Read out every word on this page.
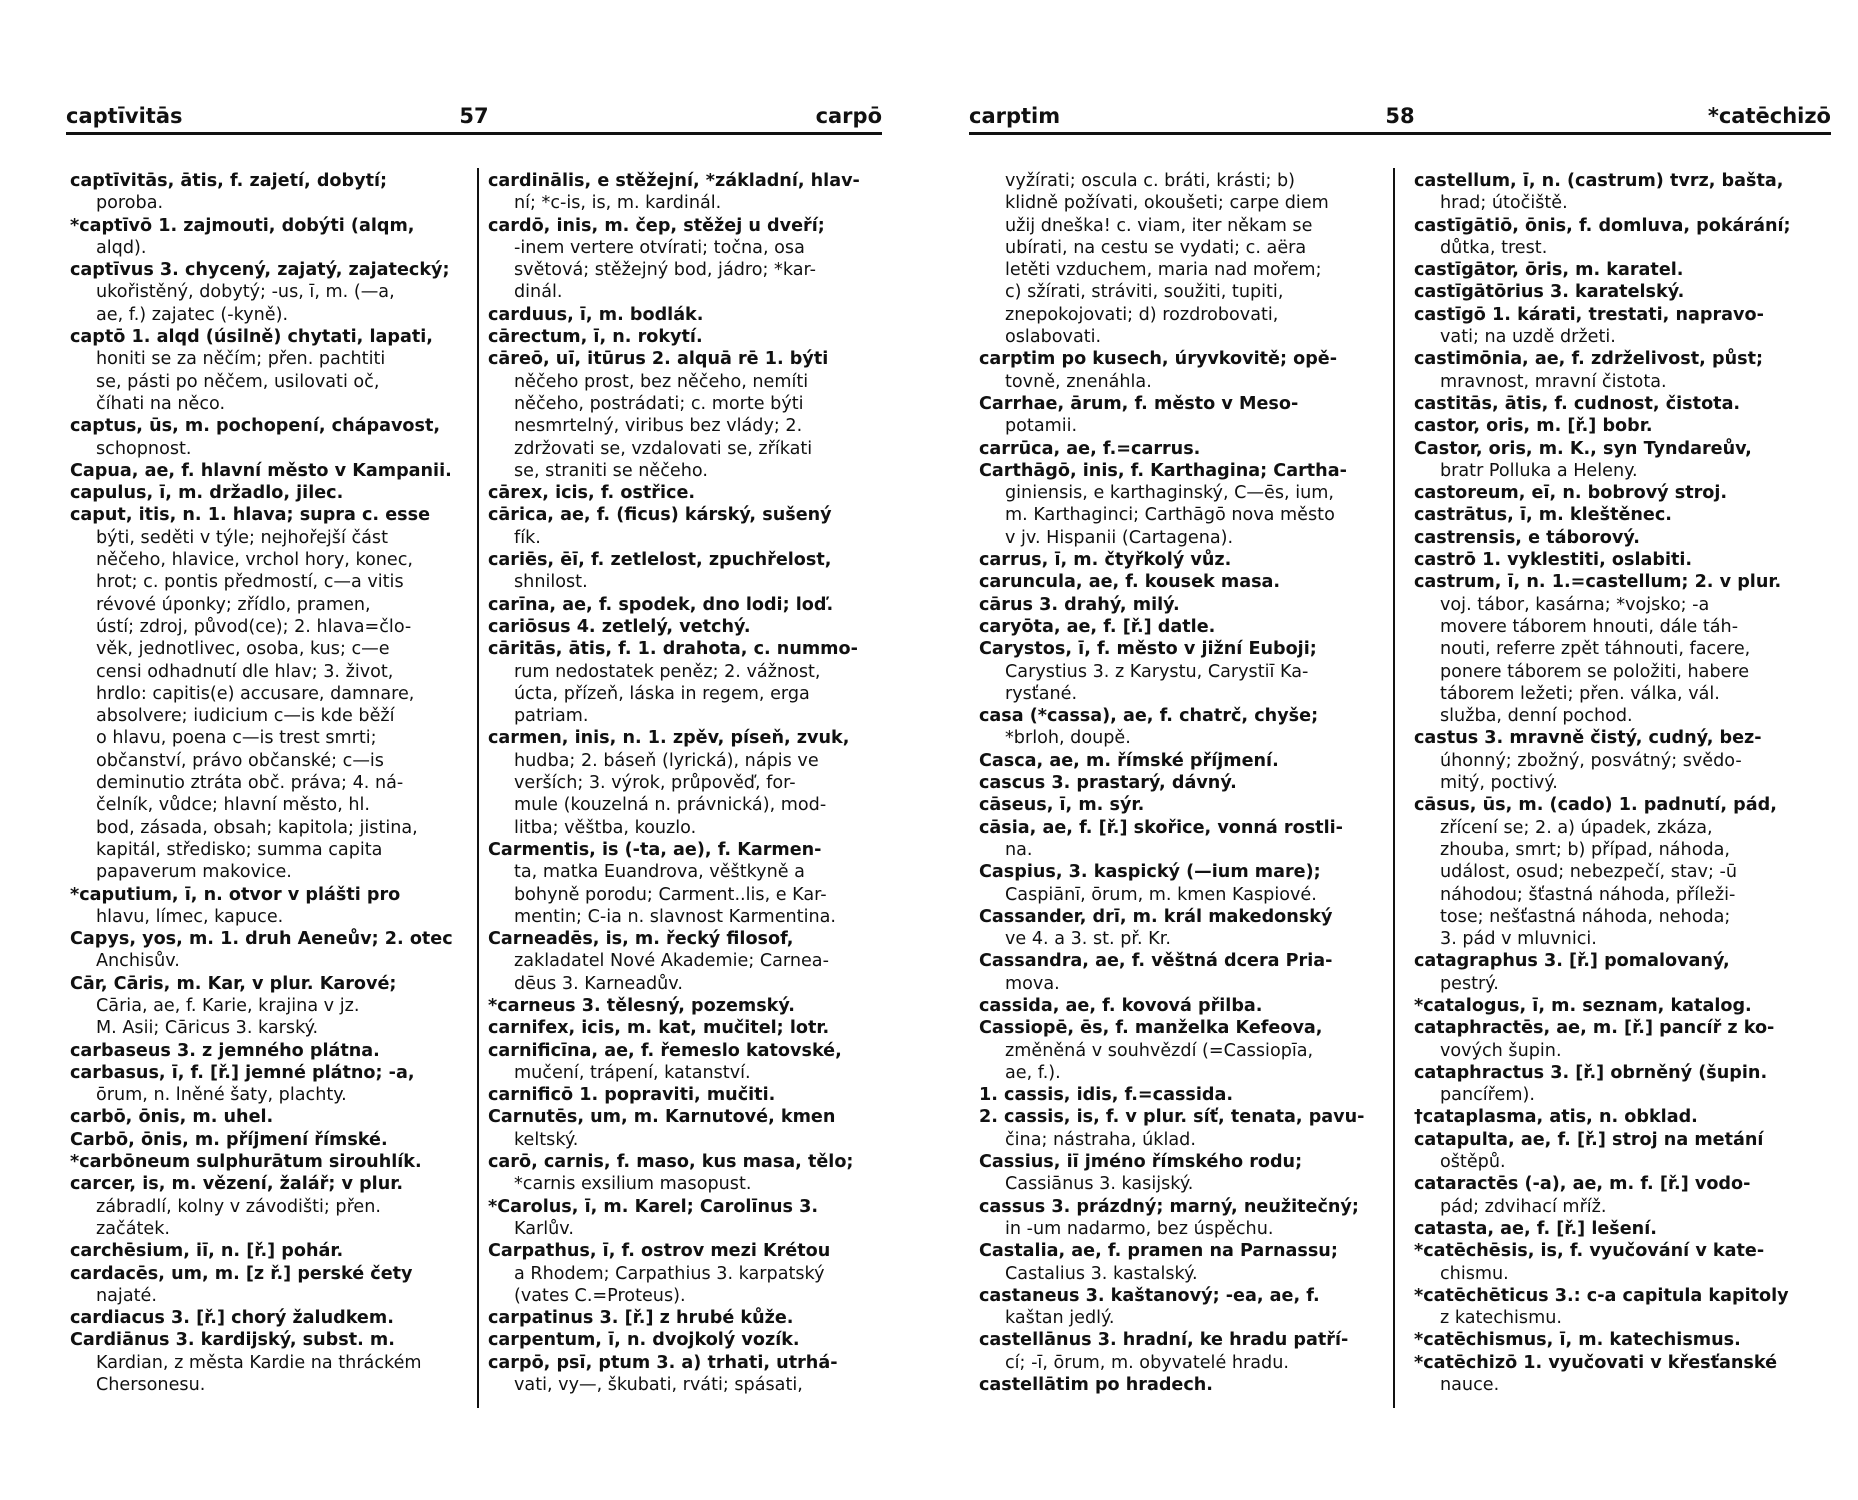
captīvitās	57	carpō
captīvitās, ātis, f. zajetí, dobytí;
poroba.
*captīvō 1. zajmouti, dobýti (alqm,
alqd).
captīvus 3. chycený, zajatý, zajatecký;
ukořistěný, dobytý; -us, ī, m. (—a,
ae, f.) zajatec (-kyně).
captō 1. alqd (úsilně) chytati, lapati,
honiti se za něčím; přen. pachtiti
se, pásti po něčem, usilovati oč,
číhati na něco.
captus, ūs, m. pochopení, chápavost,
schopnost.
Capua, ae, f. hlavní město v Kampanii.
capulus, ī, m. držadlo, jilec.
caput, itis, n. 1. hlava; supra c. esse
býti, seděti v týle; nejhořejší část
něčeho, hlavice, vrchol hory, konec,
hrot; c. pontis předmostí, c—a vitis
révové úponky; zřídlo, pramen,
ústí; zdroj, původ(ce); 2. hlava=člo-
věk, jednotlivec, osoba, kus; c—e
censi odhadnutí dle hlav; 3. život,
hrdlo: capitis(e) accusare, damnare,
absolvere; iudicium c—is kde běží
o hlavu, poena c—is trest smrti;
občanství, právo občanské; c—is
deminutio ztráta obč. práva; 4. ná-
čelník, vůdce; hlavní město, hl.
bod, zásada, obsah; kapitola; jistina,
kapitál, středisko; summa capita
papaverum makovice.
*caputium, ī, n. otvor v plášti pro
hlavu, límec, kapuce.
Capys, yos, m. 1. druh Aeneův; 2. otec
Anchisův.
Cār, Cāris, m. Kar, v plur. Karové;
Cāria, ae, f. Karie, krajina v jz.
M. Asii; Cāricus 3. karský.
carbaseus 3. z jemného plátna.
carbasus, ī, f. [ř.] jemné plátno; -a,
ōrum, n. lněné šaty, plachty.
carbō, ōnis, m. uhel.
Carbō, ōnis, m. příjmení římské.
*carbōneum sulphurātum sirouhlík.
carcer, is, m. vězení, žalář; v plur.
zábradlí, kolny v závodišti; přen.
začátek.
carchēsium, iī, n. [ř.] pohár.
cardacēs, um, m. [z ř.] perské čety
najaté.
cardiacus 3. [ř.] chorý žaludkem.
Cardiānus 3. kardijský, subst. m.
Kardian, z města Kardie na thráckém
Chersonesu.
cardinālis, e stěžejní, *základní, hlav-
ní; *c-is, is, m. kardinál.
cardō, inis, m. čep, stěžej u dveří;
-inem vertere otvírati; točna, osa
světová; stěžejný bod, jádro; *kar-
dinál.
carduus, ī, m. bodlák.
cārectum, ī, n. rokytí.
cāreō, uī, itūrus 2. alquā rē 1. býti
něčeho prost, bez něčeho, nemíti
něčeho, postrádati; c. morte býti
nesmrtelný, viribus bez vlády; 2.
zdržovati se, vzdalovati se, zříkati
se, straniti se něčeho.
cārex, icis, f. ostřice.
cārica, ae, f. (ficus) kárský, sušený
fík.
cariēs, ēī, f. zetlelost, zpuchřelost,
shnilost.
carīna, ae, f. spodek, dno lodi; loď.
cariōsus 4. zetlelý, vetchý.
cāritās, ātis, f. 1. drahota, c. nummo-
rum nedostatek peněz; 2. vážnost,
úcta, přízeň, láska in regem, erga
patriam.
carmen, inis, n. 1. zpěv, píseň, zvuk,
hudba; 2. báseň (lyrická), nápis ve
verších; 3. výrok, průpověď, for-
mule (kouzelná n. právnická), mod-
litba; věštba, kouzlo.
Carmentis, is (-ta, ae), f. Karmen-
ta, matka Euandrova, věštkyně a
bohyně porodu; Carment..lis, e Kar-
mentin; C-ia n. slavnost Karmentina.
Carneadēs, is, m. řecký filosof,
zakladatel Nové Akademie; Carnea-
dēus 3. Karneadův.
*carneus 3. tělesný, pozemský.
carnifex, icis, m. kat, mučitel; lotr.
carnificīna, ae, f. řemeslo katovské,
mučení, trápení, katanství.
carnificō 1. popraviti, mučiti.
Carnutēs, um, m. Karnutové, kmen
keltský.
carō, carnis, f. maso, kus masa, tělo;
*carnis exsilium masopust.
*Carolus, ī, m. Karel; Carolīnus 3.
Karlův.
Carpathus, ī, f. ostrov mezi Krétou
a Rhodem; Carpathius 3. karpatský
(vates C.=Proteus).
carpatinus 3. [ř.] z hrubé kůže.
carpentum, ī, n. dvojkolý vozík.
carpō, psī, ptum 3. a) trhati, utrhá-
vati, vy—, škubati, rváti; spásati,
carptim	58	*catēchizō
vyžírati; oscula c. bráti, krásti; b)
klidně požívati, okoušeti; carpe diem
užij dneška! c. viam, iter někam se
ubírati, na cestu se vydati; c. aëra
letěti vzduchem, maria nad mořem;
c) sžírati, stráviti, soužiti, tupiti,
znepokojovati; d) rozdrobovati,
oslabovati.
carptim po kusech, úryvkovitě; opě-
tovně, znenáhla.
Carrhae, ārum, f. město v Meso-
potamii.
carrūca, ae, f.=carrus.
Carthāgō, inis, f. Karthagina; Cartha-
giniensis, e karthaginský, C—ēs, ium,
m. Karthaginci; Carthāgō nova město
v jv. Hispanii (Cartagena).
carrus, ī, m. čtyřkolý vůz.
caruncula, ae, f. kousek masa.
cārus 3. drahý, milý.
caryōta, ae, f. [ř.] datle.
Carystos, ī, f. město v jižní Euboji;
Carystius 3. z Karystu, Carystiī Ka-
rysťané.
casa (*cassa), ae, f. chatrč, chyše;
*brloh, doupě.
Casca, ae, m. římské příjmení.
cascus 3. prastarý, dávný.
cāseus, ī, m. sýr.
cāsia, ae, f. [ř.] skořice, vonná rostli-
na.
Caspius, 3. kaspický (—ium mare);
Caspiānī, ōrum, m. kmen Kaspiové.
Cassander, drī, m. král makedonský
ve 4. a 3. st. př. Kr.
Cassandra, ae, f. věštná dcera Pria-
mova.
cassida, ae, f. kovová přilba.
Cassiopē, ēs, f. manželka Kefeova,
změněná v souhvězdí (=Cassiopīa,
ae, f.).
1. cassis, idis, f.=cassida.
2. cassis, is, f. v plur. síť, tenata, pavu-
čina; nástraha, úklad.
Cassius, iī jméno římského rodu;
Cassiānus 3. kasijský.
cassus 3. prázdný; marný, neužitečný;
in -um nadarmo, bez úspěchu.
Castalia, ae, f. pramen na Parnassu;
Castalius 3. kastalský.
castaneus 3. kaštanový; -ea, ae, f.
kaštan jedlý.
castellānus 3. hradní, ke hradu patří-
cí; -ī, ōrum, m. obyvatelé hradu.
castellātim po hradech.
castellum, ī, n. (castrum) tvrz, bašta,
hrad; útočiště.
castīgātiō, ōnis, f. domluva, pokárání;
důtka, trest.
castīgātor, ōris, m. karatel.
castīgātōrius 3. karatelský.
castīgō 1. kárati, trestati, napravo-
vati; na uzdě držeti.
castimōnia, ae, f. zdrželivost, půst;
mravnost, mravní čistota.
castitās, ātis, f. cudnost, čistota.
castor, oris, m. [ř.] bobr.
Castor, oris, m. K., syn Tyndareův,
bratr Polluka a Heleny.
castoreum, eī, n. bobrový stroj.
castrātus, ī, m. kleštěnec.
castrensis, e táborový.
castrō 1. vyklestiti, oslabiti.
castrum, ī, n. 1.=castellum; 2. v plur.
voj. tábor, kasárna; *vojsko; -a
movere táborem hnouti, dále táh-
nouti, referre zpět táhnouti, facere,
ponere táborem se položiti, habere
táborem ležeti; přen. válka, vál.
služba, denní pochod.
castus 3. mravně čistý, cudný, bez-
úhonný; zbožný, posvátný; svědo-
mitý, poctivý.
cāsus, ūs, m. (cado) 1. padnutí, pád,
zřícení se; 2. a) úpadek, zkáza,
zhouba, smrt; b) případ, náhoda,
událost, osud; nebezpečí, stav; -ū
náhodou; šťastná náhoda, příleži-
tose; nešťastná náhoda, nehoda;
3. pád v mluvnici.
catagraphus 3. [ř.] pomalovaný,
pestrý.
*catalogus, ī, m. seznam, katalog.
cataphractēs, ae, m. [ř.] pancíř z ko-
vových šupin.
cataphractus 3. [ř.] obrněný (šupin.
pancířem).
†cataplasma, atis, n. obklad.
catapulta, ae, f. [ř.] stroj na metání
oštěpů.
cataractēs (-a), ae, m. f. [ř.] vodo-
pád; zdvihací mříž.
catasta, ae, f. [ř.] lešení.
*catēchēsis, is, f. vyučování v kate-
chismu.
*catēchēticus 3.: c-a capitula kapitoly
z katechismu.
*catēchismus, ī, m. katechismus.
*catēchizō 1. vyučovati v křesťanské
nauce.
